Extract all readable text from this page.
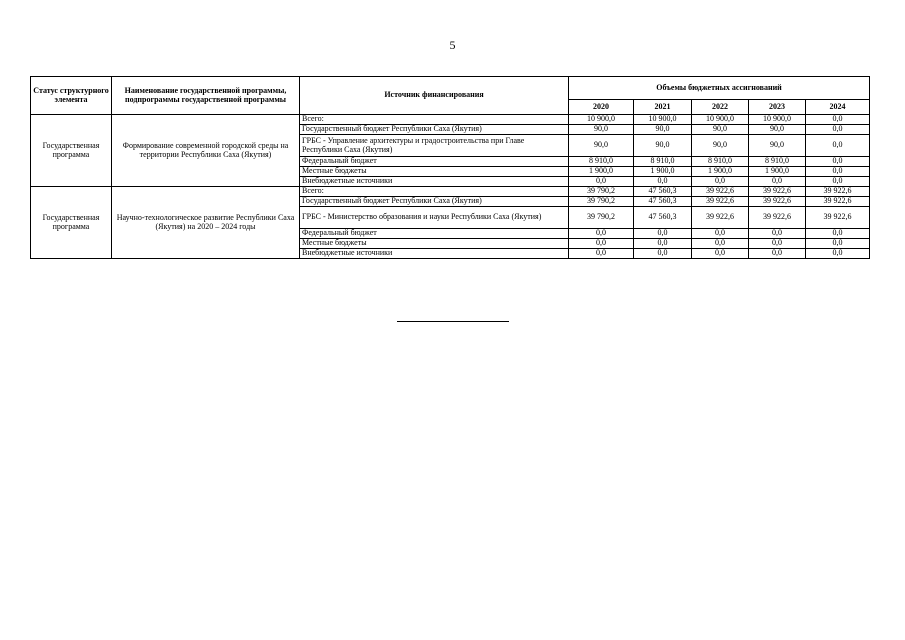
5
Статус структурного элемента	Наименование государственной программы, подпрограммы государственной программы	Источник финансирования	Объемы бюджетных ассигнований				
			2020	2021	2022	2023	2024
Государственная программа	Формирование современной городской среды на территории Республики Саха (Якутия)	Всего:	10 900,0	10 900,0	10 900,0	10 900,0	0,0
		Государственный бюджет Республики Саха (Якутия)	90,0	90,0	90,0	90,0	0,0
		ГРБС - Управление архитектуры и градостроительства при Главе Республики Саха (Якутия)	90,0	90,0	90,0	90,0	0,0
		Федеральный бюджет	8 910,0	8 910,0	8 910,0	8 910,0	0,0
		Местные бюджеты	1 900,0	1 900,0	1 900,0	1 900,0	0,0
		Внебюджетные источники	0,0	0,0	0,0	0,0	0,0
Государственная программа	Научно-технологическое развитие Республики Саха (Якутия) на 2020 – 2024 годы	Всего:	39 790,2	47 560,3	39 922,6	39 922,6	39 922,6
		Государственный бюджет Республики Саха (Якутия)	39 790,2	47 560,3	39 922,6	39 922,6	39 922,6
		ГРБС - Министерство образования и науки Республики Саха (Якутия)	39 790,2	47 560,3	39 922,6	39 922,6	39 922,6
		Федеральный бюджет	0,0	0,0	0,0	0,0	0,0
		Местные бюджеты	0,0	0,0	0,0	0,0	0,0
		Внебюджетные источники	0,0	0,0	0,0	0,0	0,0
